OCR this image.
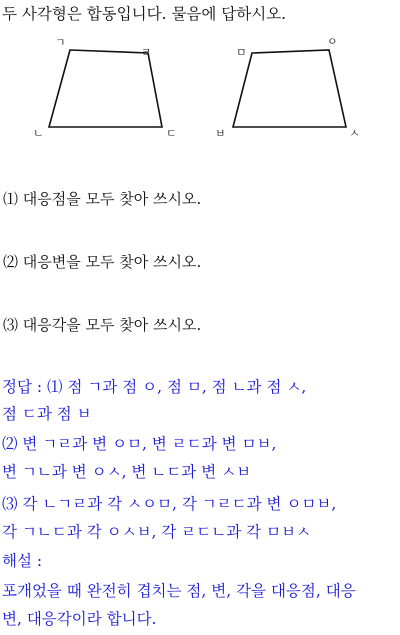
두 사각형은 합동입니다. 물음에 답하시오.
ㄱ
ㄹ
ㄴ	ㄷ
ㅁ
ㅇ
ㅂ	ㅅ
⑴ 대응점을 모두 찾아 쓰시오.
⑵ 대응변을 모두 찾아 쓰시오.
⑶ 대응각을 모두 찾아 쓰시오.
정답 : ⑴ 점 ㄱ과 점 ㅇ, 점 ㅁ, 점 ㄴ과 점 ㅅ,
점 ㄷ과 점 ㅂ
⑵ 변 ㄱㄹ과 변 ㅇㅁ, 변 ㄹㄷ과 변 ㅁㅂ,
변 ㄱㄴ과 변 ㅇㅅ, 변 ㄴㄷ과 변 ㅅㅂ
⑶ 각 ㄴㄱㄹ과 각 ㅅㅇㅁ, 각 ㄱㄹㄷ과 변 ㅇㅁㅂ,
각 ㄱㄴㄷ과 각 ㅇㅅㅂ, 각 ㄹㄷㄴ과 각 ㅁㅂㅅ
해설 :
포개었을 때 완전히 겹치는 점, 변, 각을 대응점, 대응
변, 대응각이라 합니다.
